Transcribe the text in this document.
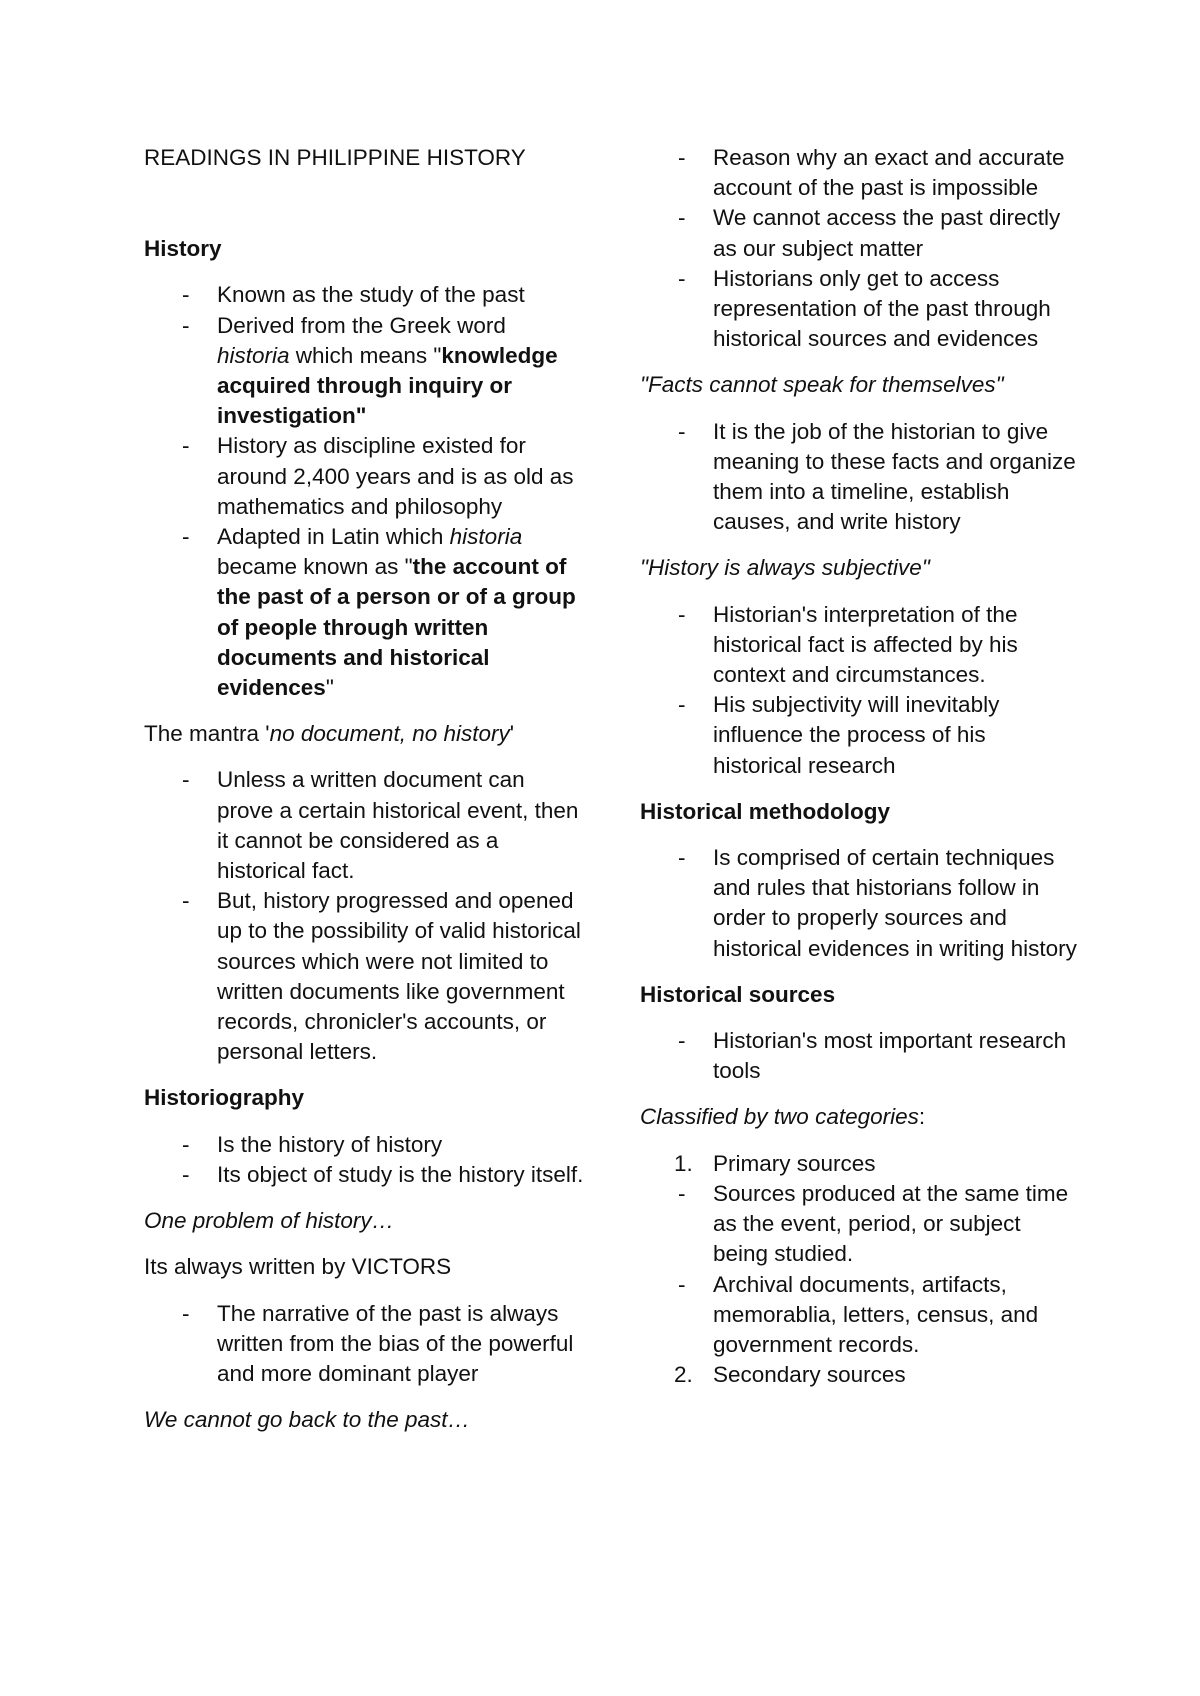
READINGS IN PHILIPPINE HISTORY

History

- Known as the study of the past
- Derived from the Greek word historia which means "knowledge acquired through inquiry or investigation"
- History as discipline existed for around 2,400 years and is as old as mathematics and philosophy
- Adapted in Latin which historia became known as "the account of the past of a person or of a group of people through written documents and historical evidences"

The mantra 'no document, no history'

- Unless a written document can prove a certain historical event, then it cannot be considered as a historical fact.
- But, history progressed and opened up to the possibility of valid historical sources which were not limited to written documents like government records, chronicler's accounts, or personal letters.

Historiography

- Is the history of history
- Its object of study is the history itself.

One problem of history…

Its always written by VICTORS

- The narrative of the past is always written from the bias of the powerful and more dominant player

We cannot go back to the past…

- Reason why an exact and accurate account of the past is impossible
- We cannot access the past directly as our subject matter
- Historians only get to access representation of the past through historical sources and evidences

"Facts cannot speak for themselves"

- It is the job of the historian to give meaning to these facts and organize them into a timeline, establish causes, and write history

"History is always subjective"

- Historian's interpretation of the historical fact is affected by his context and circumstances.
- His subjectivity will inevitably influence the process of his historical research

Historical methodology

- Is comprised of certain techniques and rules that historians follow in order to properly sources and historical evidences in writing history

Historical sources

- Historian's most important research tools

Classified by two categories:

1. Primary sources
- Sources produced at the same time as the event, period, or subject being studied.
- Archival documents, artifacts, memorablia, letters, census, and government records.
2. Secondary sources
